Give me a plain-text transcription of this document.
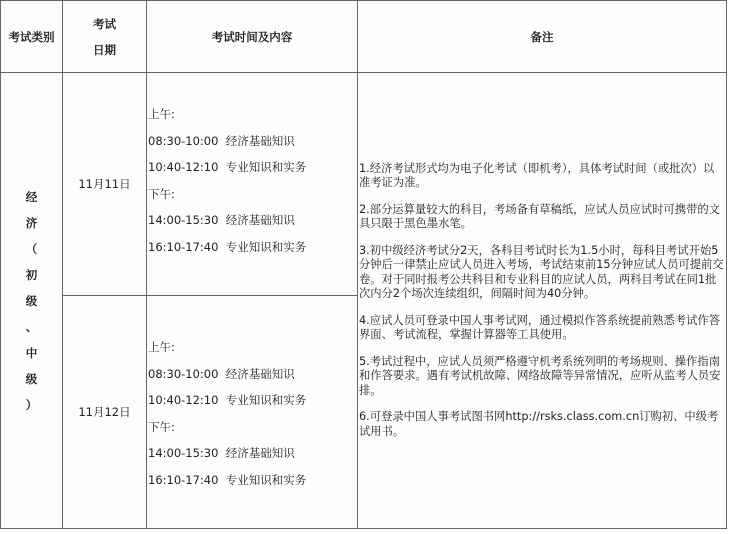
考试类别
考试
日期
考试时间及内容	备注
经
济
（
初
级
、
中
级
）
11月11日
上午:
08:30-10:00  经济基础知识
10:40-12:10  专业知识和实务
下午:
14:00-15:30  经济基础知识
16:10-17:40  专业知识和实务
11月12日
上午:
08:30-10:00  经济基础知识
10:40-12:10  专业知识和实务
下午:
14:00-15:30  经济基础知识
16:10-17:40  专业知识和实务

1.经济考试形式均为电子化考试（即机考），具体考试时间（或批次）以准考证为准。

2.部分运算量较大的科目，考场备有草稿纸，应试人员应试时可携带的文具只限于黑色墨水笔。

3.初中级经济考试分2天，各科目考试时长为1.5小时，每科目考试开始5分钟后一律禁止应试人员进入考场，考试结束前15分钟应试人员可提前交卷。对于同时报考公共科目和专业科目的应试人员，两科目考试在同1批次内分2个场次连续组织，间隔时间为40分钟。

4.应试人员可登录中国人事考试网，通过模拟作答系统提前熟悉考试作答界面、考试流程，掌握计算器等工具使用。

5.考试过程中，应试人员须严格遵守机考系统列明的考场规则、操作指南和作答要求。遇有考试机故障、网络故障等异常情况，应听从监考人员安排。

6.可登录中国人事考试图书网http://rsks.class.com.cn订购初、中级考试用书。
